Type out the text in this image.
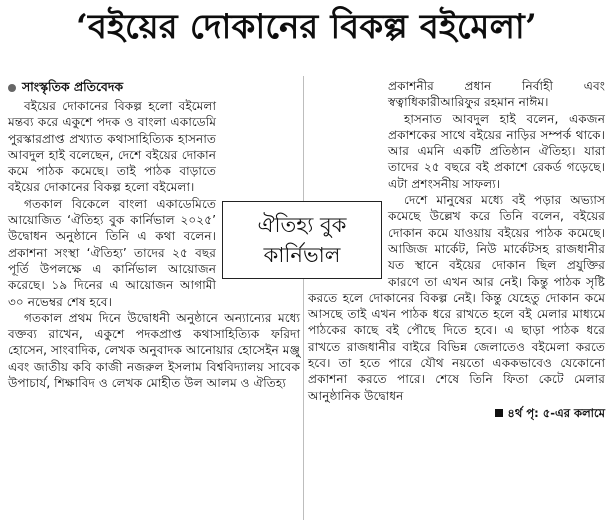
‘বইয়ের দোকানের বিকল্প বইমেলা’
সাংস্কৃতিক প্রতিবেদক

বইয়ের দোকানের বিকল্প হলো বইমেলা মন্তব্য করে একুশে পদক ও বাংলা একাডেমি পুরস্কারপ্রাপ্ত প্রখ্যাত কথাসাহিত্যিক হাসনাত আবদুল হাই বলেছেন, দেশে বইয়ের দোকান কমে পাঠক কমেছে। তাই পাঠক বাড়াতে বইয়ের দোকানের বিকল্প হলো বইমেলা।

গতকাল বিকেলে বাংলা একাডেমিতে আয়োজিত ‘ঐতিহ্য বুক কার্নিভাল ২০২৫’ উদ্বোধন অনুষ্ঠানে তিনি এ কথা বলেন। প্রকাশনা সংস্থা ‘ঐতিহ্য’ তাদের ২৫ বছর পূর্তি উপলক্ষে এ কার্নিভাল আয়োজন করেছে। ১৯ দিনের এ আয়োজন আগামী ৩০ নভেম্বর শেষ হবে।

গতকাল প্রথম দিনে উদ্বোধনী অনুষ্ঠানে অন্যান্যের মধ্যে বক্তব্য রাখেন, একুশে পদকপ্রাপ্ত কথাসাহিত্যিক ফরিদা হোসেন, সাংবাদিক, লেখক অনুবাদক আনোয়ার হোসেইন মঞ্জু এবং জাতীয় কবি কাজী নজরুল ইসলাম বিশ্ববিদ্যালয় সাবেক উপাচার্য, শিক্ষাবিদ ও লেখক মোহীত উল আলম ও ঐতিহ্য

প্রকাশনীর প্রধান নির্বাহী এবং স্বত্বাধিকারীআরিফুর রহমান নাঈম।

হাসনাত আবদুল হাই বলেন, একজন প্রকাশকের সাথে বইয়ের নাড়ির সম্পর্ক থাকে। আর এমনি একটি প্রতিষ্ঠান ঐতিহ্য। যারা তাদের ২৫ বছরে বই প্রকাশে রেকর্ড গড়েছে। এটা প্রশংসনীয় সাফল্য।

দেশে মানুষের মধ্যে বই পড়ার অভ্যাস কমেছে উল্লেখ করে তিনি বলেন, বইয়ের দোকান কমে যাওয়ায় বইয়ের পাঠক কমেছে। আজিজ মার্কেট, নিউ মার্কেটসহ রাজধানীর যত স্থানে বইয়ের দোকান ছিল প্রযুক্তির কারণে তা এখন আর নেই। কিন্তু পাঠক সৃষ্টি করতে হলে দোকানের বিকল্প নেই। কিন্তু যেহেতু দোকান কমে আসছে তাই এখন পাঠক ধরে রাখতে হলে বই মেলার মাধ্যমে পাঠকের কাছে বই পৌছে দিতে হবে। এ ছাড়া পাঠক ধরে রাখতে রাজধানীর বাইরে বিভিন্ন জেলাতেও বইমেলা করতে হবে। তা হতে পারে যৌথ নয়তো এককভাবেও যেকোনো প্রকাশনা করতে পারে। শেষে তিনি ফিতা কেটে মেলার আনুষ্ঠানিক উদ্বোধন

৪র্থ পৃ: ৫-এর কলামে
ঐতিহ্য বুক
কার্নিভাল
